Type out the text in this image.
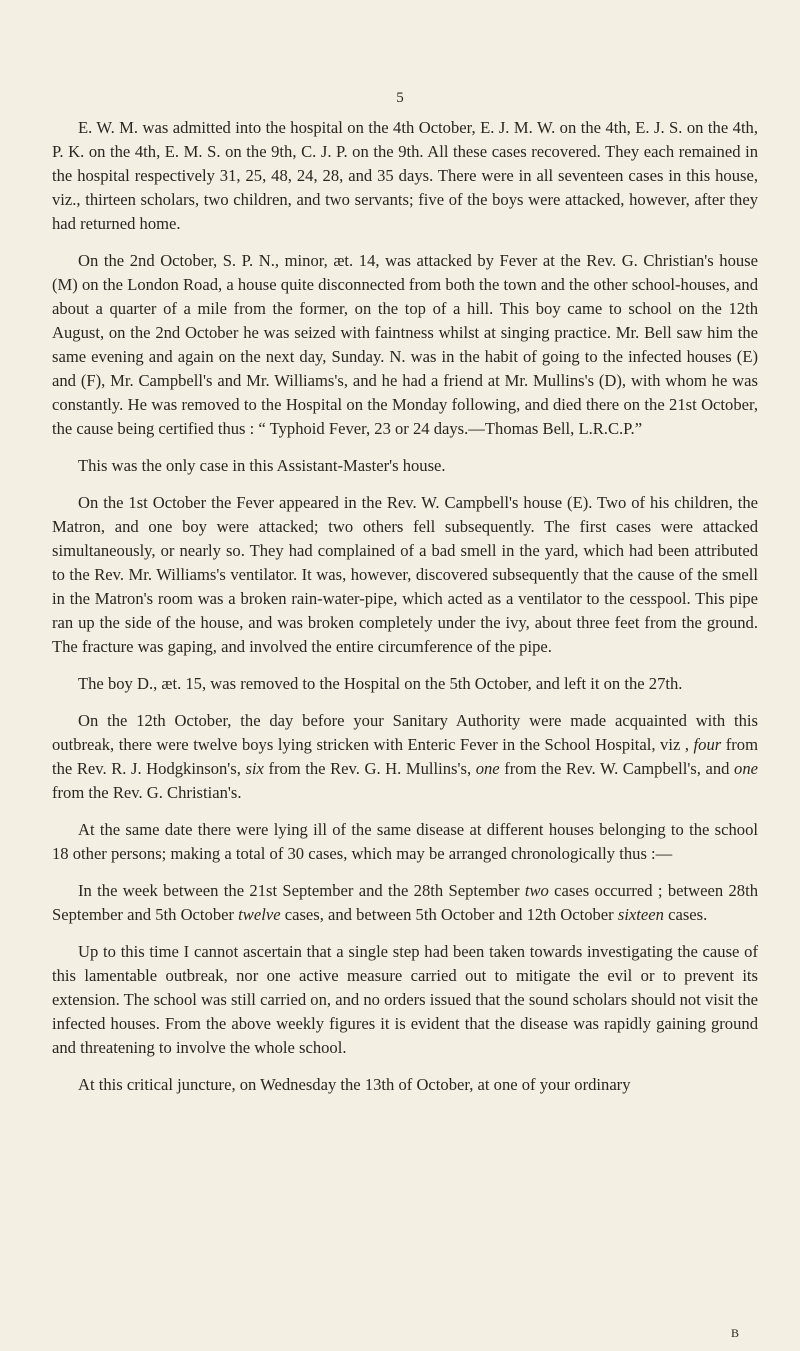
5

E. W. M. was admitted into the hospital on the 4th October, E. J. M. W. on the 4th, E. J. S. on the 4th, P. K. on the 4th, E. M. S. on the 9th, C. J. P. on the 9th. All these cases recovered. They each remained in the hospital respectively 31, 25, 48, 24, 28, and 35 days. There were in all seventeen cases in this house, viz., thirteen scholars, two children, and two servants; five of the boys were attacked, however, after they had returned home.

On the 2nd October, S. P. N., minor, æt. 14, was attacked by Fever at the Rev. G. Christian's house (M) on the London Road, a house quite disconnected from both the town and the other school-houses, and about a quarter of a mile from the former, on the top of a hill. This boy came to school on the 12th August, on the 2nd October he was seized with faintness whilst at singing practice. Mr. Bell saw him the same evening and again on the next day, Sunday. N. was in the habit of going to the infected houses (E) and (F), Mr. Campbell's and Mr. Williams's, and he had a friend at Mr. Mullins's (D), with whom he was constantly. He was removed to the Hospital on the Monday following, and died there on the 21st October, the cause being certified thus : “ Typhoid Fever, 23 or 24 days.—Thomas Bell, L.R.C.P.”

This was the only case in this Assistant-Master's house.

On the 1st October the Fever appeared in the Rev. W. Campbell's house (E). Two of his children, the Matron, and one boy were attacked; two others fell subsequently. The first cases were attacked simultaneously, or nearly so. They had complained of a bad smell in the yard, which had been attributed to the Rev. Mr. Williams's ventilator. It was, however, discovered subsequently that the cause of the smell in the Matron's room was a broken rain-water-pipe, which acted as a ventilator to the cesspool. This pipe ran up the side of the house, and was broken completely under the ivy, about three feet from the ground. The fracture was gaping, and involved the entire circumference of the pipe.

The boy D., æt. 15, was removed to the Hospital on the 5th October, and left it on the 27th.

On the 12th October, the day before your Sanitary Authority were made acquainted with this outbreak, there were twelve boys lying stricken with Enteric Fever in the School Hospital, viz , four from the Rev. R. J. Hodgkinson's, six from the Rev. G. H. Mullins's, one from the Rev. W. Campbell's, and one from the Rev. G. Christian's.

At the same date there were lying ill of the same disease at different houses belonging to the school 18 other persons; making a total of 30 cases, which may be arranged chronologically thus :—

In the week between the 21st September and the 28th September two cases occurred ; between 28th September and 5th October twelve cases, and between 5th October and 12th October sixteen cases.

Up to this time I cannot ascertain that a single step had been taken towards investigating the cause of this lamentable outbreak, nor one active measure carried out to mitigate the evil or to prevent its extension. The school was still carried on, and no orders issued that the sound scholars should not visit the infected houses. From the above weekly figures it is evident that the disease was rapidly gaining ground and threatening to involve the whole school.

At this critical juncture, on Wednesday the 13th of October, at one of your ordinary

B
